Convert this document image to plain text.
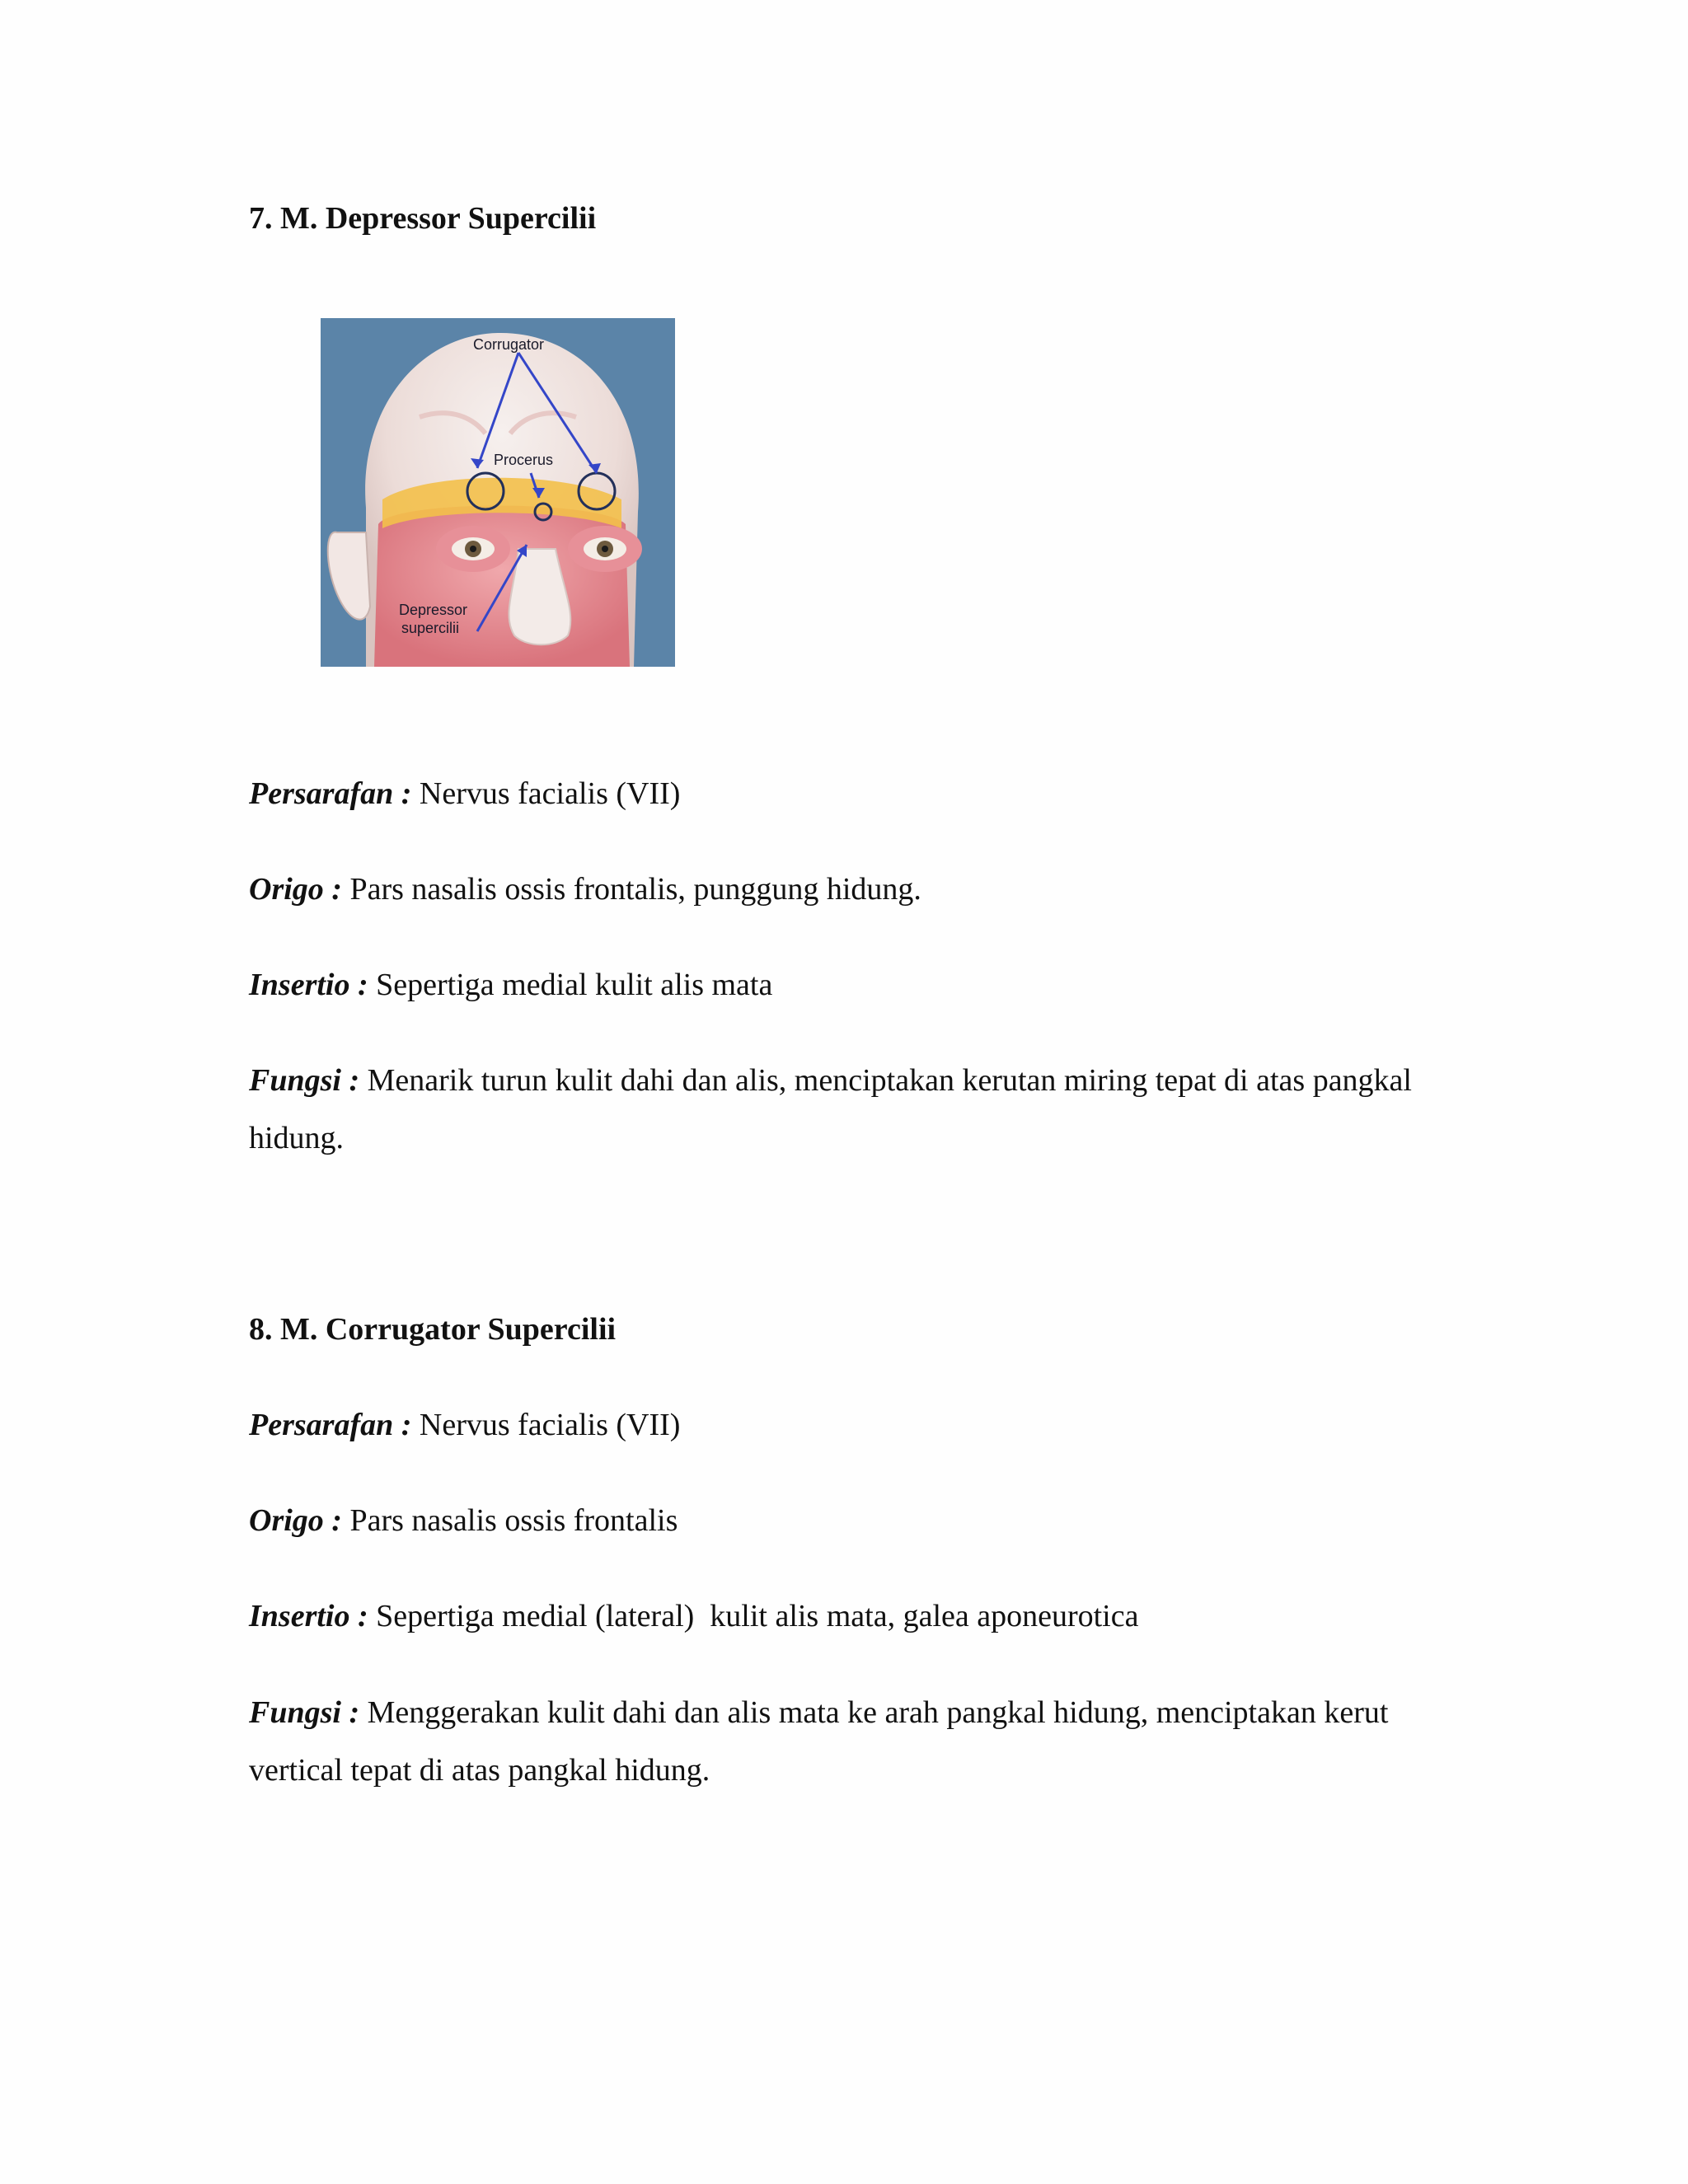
7. M. Depressor Supercilii
Corrugator
Procerus
Depressor
supercilii
Persarafan : Nervus facialis (VII)
Origo : Pars nasalis ossis frontalis, punggung hidung.
Insertio : Sepertiga medial kulit alis mata
Fungsi : Menarik turun kulit dahi dan alis, menciptakan kerutan miring tepat di atas pangkal hidung.
8. M. Corrugator Supercilii
Persarafan : Nervus facialis (VII)
Origo : Pars nasalis ossis frontalis
Insertio : Sepertiga medial (lateral)  kulit alis mata, galea aponeurotica
Fungsi : Menggerakan kulit dahi dan alis mata ke arah pangkal hidung, menciptakan kerut vertical tepat di atas pangkal hidung.
